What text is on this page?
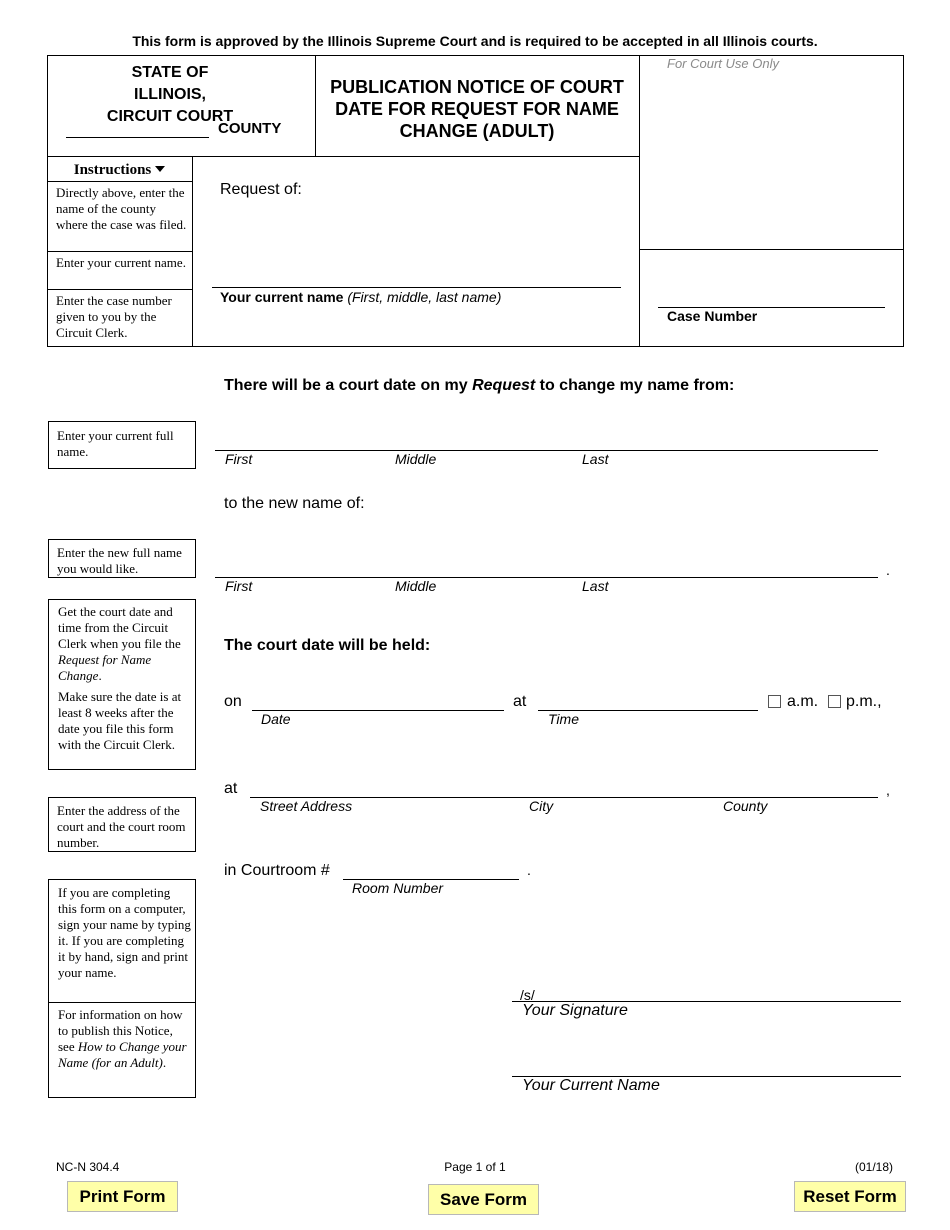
This form is approved by the Illinois Supreme Court and is required to be accepted in all Illinois courts.
STATE OF ILLINOIS,
CIRCUIT COURT
COUNTY
PUBLICATION NOTICE OF COURT DATE FOR REQUEST FOR NAME CHANGE (ADULT)
For Court Use Only
Instructions
Directly above, enter the name of the county where the case was filed.
Enter your current name.
Enter the case number given to you by the Circuit Clerk.
Request of:
Your current name (First, middle, last name)
Case Number
There will be a court date on my Request to change my name from:
Enter your current full name.	First	Middle	Last
to the new name of:
Enter the new full name you would like.	.
First	Middle	Last
Get the court date and time from the Circuit Clerk when you file the Request for Name Change.
Make sure the date is at least 8 weeks after the date you file this form with the Circuit Clerk.
The court date will be held:
on
Date
at
Time
a.m. p.m.,
at	,
Street Address	City	County
Enter the address of the court and the court room number.
in Courtroom #	.
Room Number
If you are completing this form on a computer, sign your name by typing it. If you are completing it by hand, sign and print your name.
For information on how to publish this Notice, see How to Change your Name (for an Adult).
/s/
Your Signature
Your Current Name
NC-N 304.4	Page 1 of 1	(01/18)
Print Form	Save Form	Reset Form
